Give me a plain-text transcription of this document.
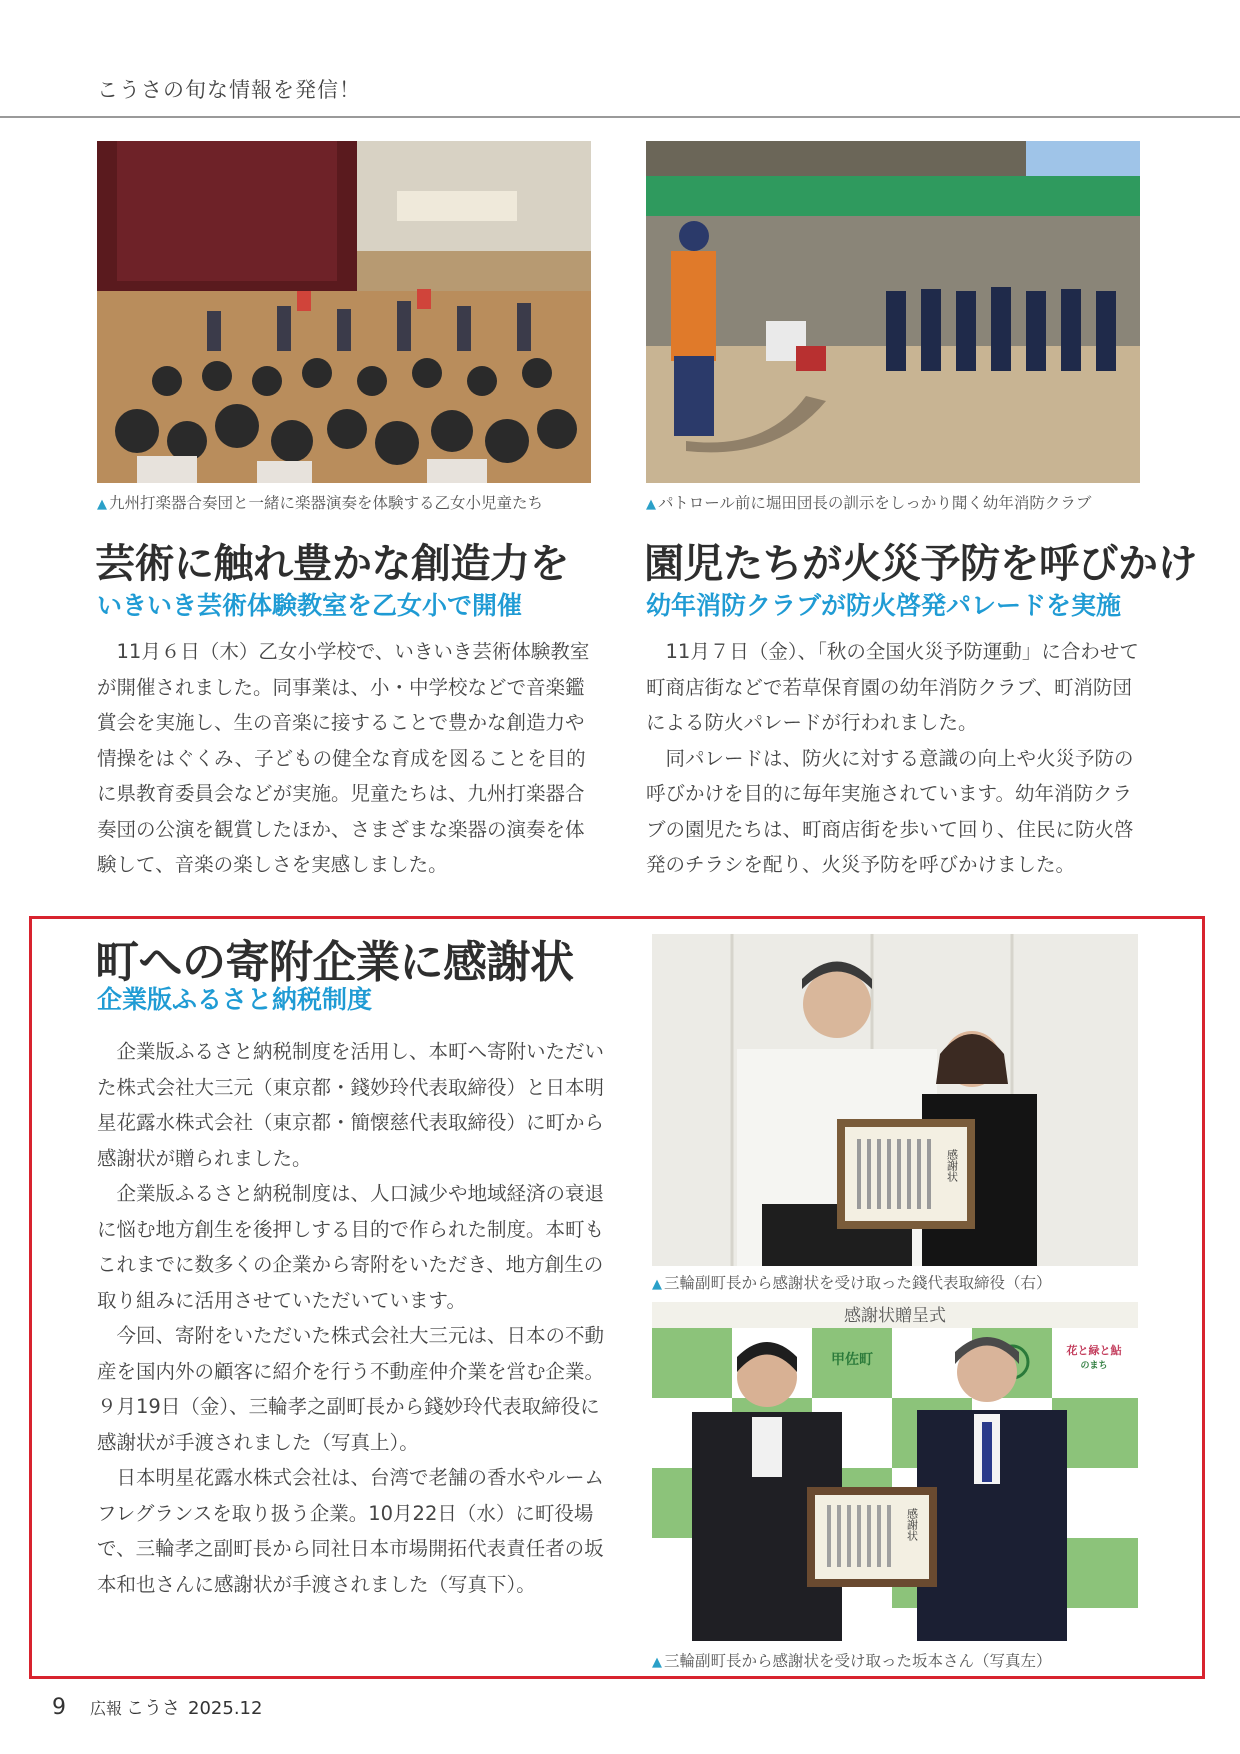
こうさの旬な情報を発信！
▲ 九州打楽器合奏団と一緒に楽器演奏を体験する乙女小児童たち	▲ パトロール前に堀田団長の訓示をしっかり聞く幼年消防クラブ
芸術に触れ豊かな創造力を
いきいき芸術体験教室を乙女小で開催

11月６日（木）乙女小学校で、いきいき芸術体験教室が開催されました。同事業は、小・中学校などで音楽鑑賞会を実施し、生の音楽に接することで豊かな創造力や情操をはぐくみ、子どもの健全な育成を図ることを目的に県教育委員会などが実施。児童たちは、九州打楽器合奏団の公演を観賞したほか、さまざまな楽器の演奏を体験して、音楽の楽しさを実感しました。

園児たちが火災予防を呼びかけ
幼年消防クラブが防火啓発パレードを実施

11月７日（金）、「秋の全国火災予防運動」に合わせて町商店街などで若草保育園の幼年消防クラブ、町消防団による防火パレードが行われました。

同パレードは、防火に対する意識の向上や火災予防の呼びかけを目的に毎年実施されています。幼年消防クラブの園児たちは、町商店街を歩いて回り、住民に防火啓発のチラシを配り、火災予防を呼びかけました。

町への寄附企業に感謝状
企業版ふるさと納税制度

企業版ふるさと納税制度を活用し、本町へ寄附いただいた株式会社大三元（東京都・錢妙玲代表取締役）と日本明星花露水株式会社（東京都・簡懐慈代表取締役）に町から感謝状が贈られました。

企業版ふるさと納税制度は、人口減少や地域経済の衰退に悩む地方創生を後押しする目的で作られた制度。本町もこれまでに数多くの企業から寄附をいただき、地方創生の取り組みに活用させていただいています。

今回、寄附をいただいた株式会社大三元は、日本の不動産を国内外の顧客に紹介を行う不動産仲介業を営む企業。９月19日（金）、三輪孝之副町長から錢妙玲代表取締役に感謝状が手渡されました（写真上）。

日本明星花露水株式会社は、台湾で老舗の香水やルームフレグランスを取り扱う企業。10月22日（水）に町役場で、三輪孝之副町長から同社日本市場開拓代表責任者の坂本和也さんに感謝状が手渡されました（写真下）。

感謝状
▲ 三輪副町長から感謝状を受け取った錢代表取締役（右）
感謝状贈呈式
甲佐町
花と緑と鮎
のまち
感謝状
▲ 三輪副町長から感謝状を受け取った坂本さん（写真左）
9 広報 こうさ 2025.12
